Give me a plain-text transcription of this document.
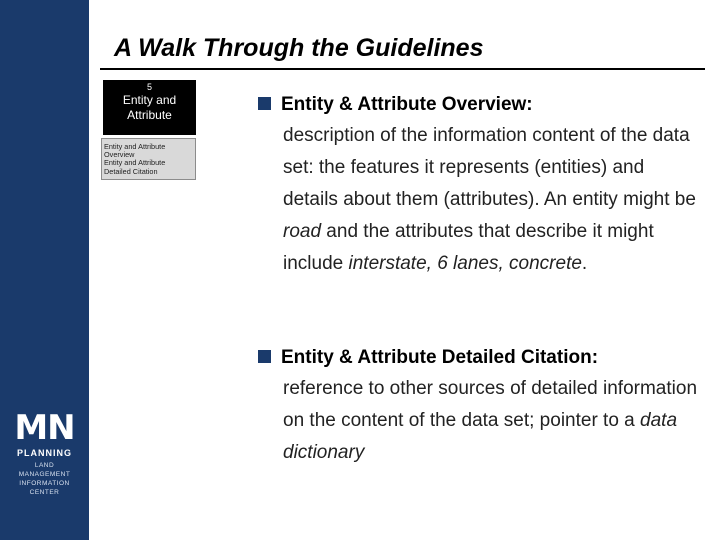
MN
PLANNING
LAND
MANAGEMENT
INFORMATION
CENTER
A Walk Through the Guidelines
5
Entity and
Attribute
Entity and Attribute
Overview
Entity and Attribute
Detailed Citation
Entity & Attribute Overview:
description of the information content of the data set: the features it represents (entities) and details about them (attributes). An entity might be road and the attributes that describe it might include interstate, 6 lanes, concrete.
Entity & Attribute Detailed Citation:
reference to other sources of detailed information on the content of the data set; pointer to a data dictionary
